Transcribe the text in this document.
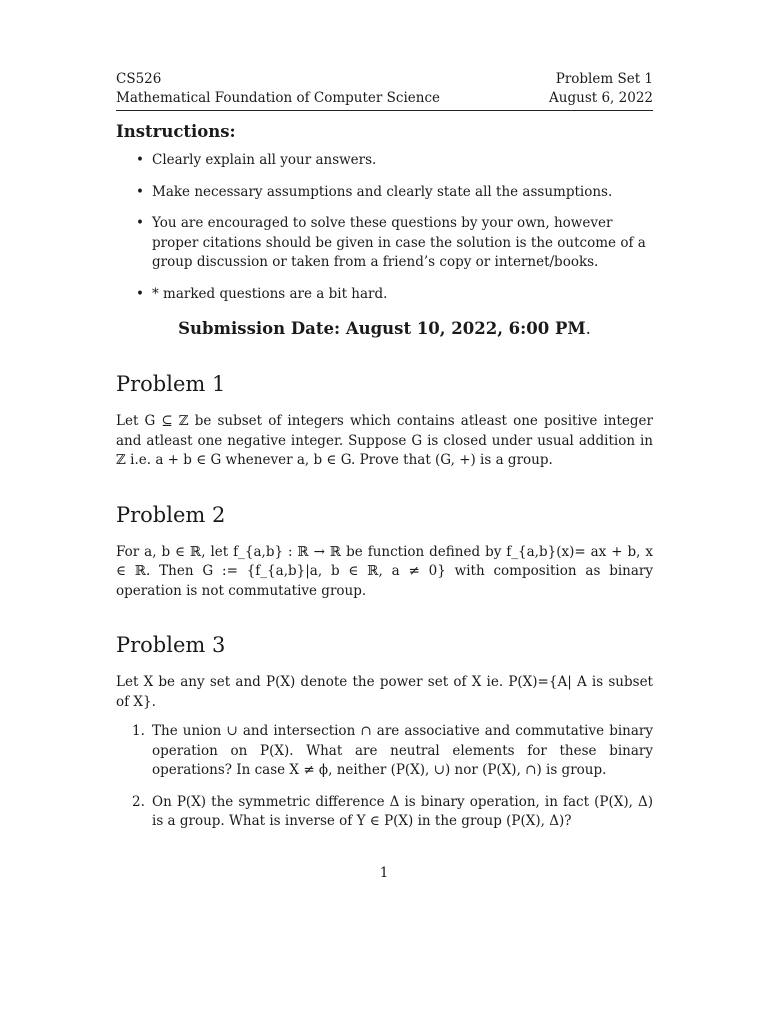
CS526
Mathematical Foundation of Computer Science
Problem Set 1
August 6, 2022
Instructions:
• Clearly explain all your answers.
• Make necessary assumptions and clearly state all the assumptions.
• You are encouraged to solve these questions by your own, however proper citations should be given in case the solution is the outcome of a group discussion or taken from a friend’s copy or internet/books.
• * marked questions are a bit hard.
Submission Date: August 10, 2022, 6:00 PM.
Problem 1

Let G ⊆ ℤ be subset of integers which contains atleast one positive integer and atleast one negative integer. Suppose G is closed under usual addition in ℤ i.e. a + b ∈ G whenever a, b ∈ G. Prove that (G, +) is a group.

Problem 2

For a, b ∈ ℝ, let f_{a,b} : ℝ → ℝ be function defined by f_{a,b}(x)= ax + b, x ∈ ℝ. Then G := {f_{a,b}|a, b ∈ ℝ, a ≠ 0} with composition as binary operation is not commutative group.

Problem 3

Let X be any set and P(X) denote the power set of X ie. P(X)={A| A is subset of X}.

1. The union ∪ and intersection ∩ are associative and commutative binary operation on P(X). What are neutral elements for these binary operations? In case X ≠ ϕ, neither (P(X), ∪) nor (P(X), ∩) is group.
2. On P(X) the symmetric difference Δ is binary operation, in fact (P(X), Δ) is a group. What is inverse of Y ∈ P(X) in the group (P(X), Δ)?
1
